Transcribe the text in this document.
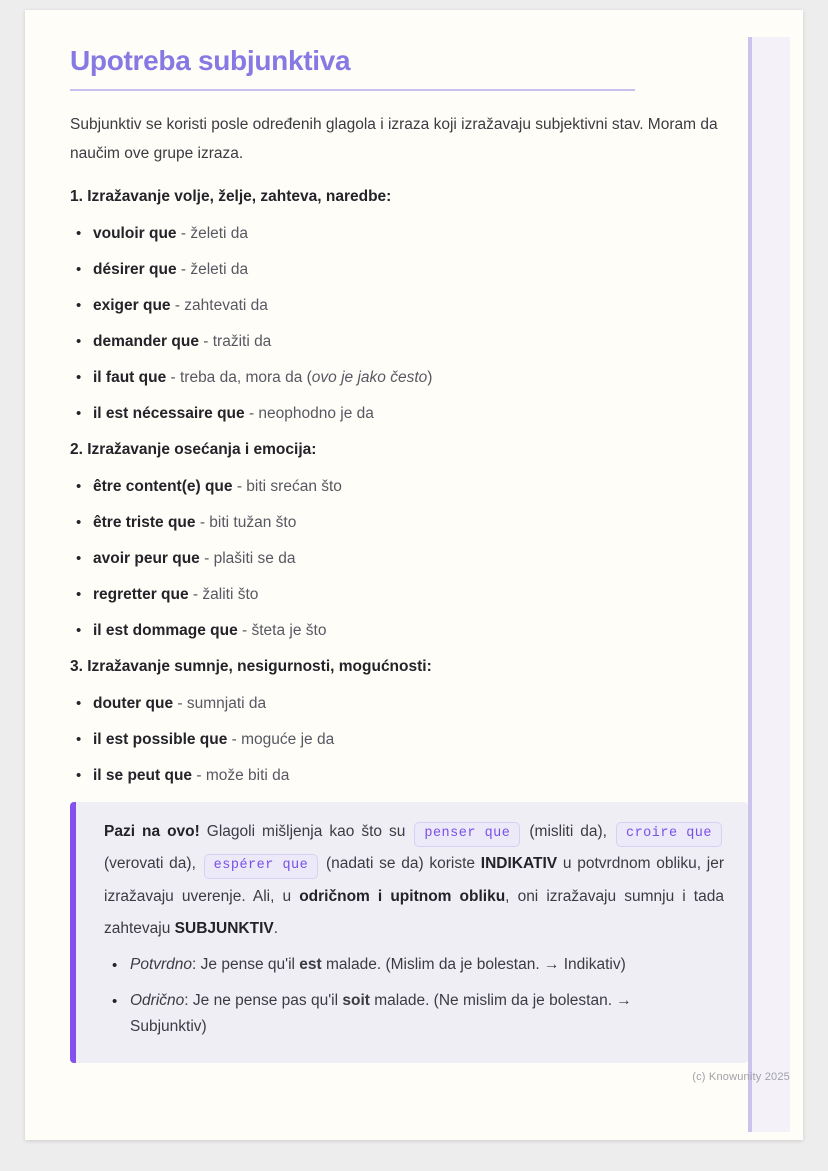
Upotreba subjunktiva

Subjunktiv se koristi posle određenih glagola i izraza koji izražavaju subjektivni stav. Moram da naučim ove grupe izraza.

1. Izražavanje volje, želje, zahteva, naredbe:
• vouloir que - želeti da
• désirer que - želeti da
• exiger que - zahtevati da
• demander que - tražiti da
• il faut que - treba da, mora da (ovo je jako često)
• il est nécessaire que - neophodno je da
2. Izražavanje osećanja i emocija:
• être content(e) que - biti srećan što
• être triste que - biti tužan što
• avoir peur que - plašiti se da
• regretter que - žaliti što
• il est dommage que - šteta je što
3. Izražavanje sumnje, nesigurnosti, mogućnosti:
• douter que - sumnjati da
• il est possible que - moguće je da
• il se peut que - može biti da

Pazi na ovo! Glagoli mišljenja kao što su penser que (misliti da), croire que (verovati da), espérer que (nadati se da) koriste INDIKATIV u potvrdnom obliku, jer izražavaju uverenje. Ali, u odričnom i upitnom obliku, oni izražavaju sumnju i tada zahtevaju SUBJUNKTIV.

• Potvrdno: Je pense qu'il est malade. (Mislim da je bolestan. → Indikativ)
• Odrično: Je ne pense pas qu'il soit malade. (Ne mislim da je bolestan. → Subjunktiv)
(c) Knowunity 2025
